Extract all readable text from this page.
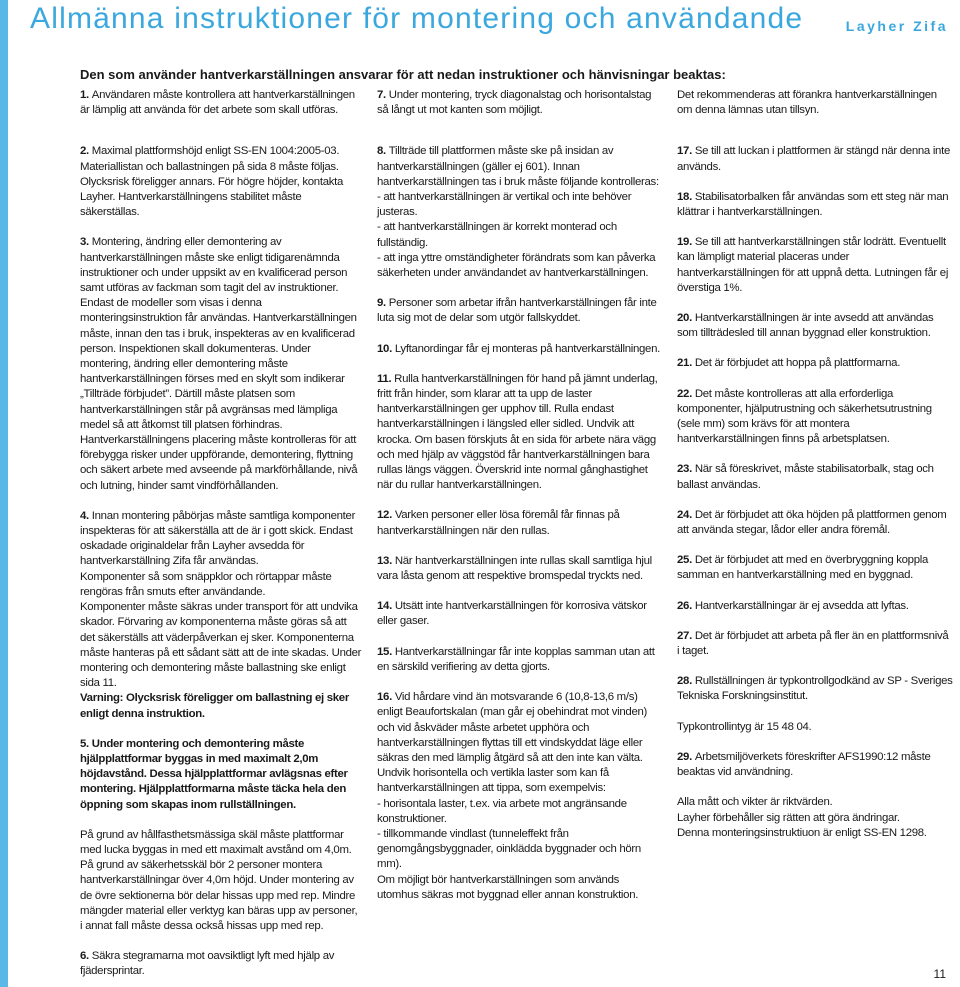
Allmänna instruktioner för montering och användande	Layher Zifa
Den som använder hantverkarställningen ansvarar för att nedan instruktioner och hänvisningar beaktas:

1. Användaren måste kontrollera att hantverkarställningen är lämplig att använda för det arbete som skall utföras.

2. Maximal plattformshöjd enligt SS-EN 1004:2005-03. Materiallistan och ballastningen på sida 8 måste följas. Olycksrisk föreligger annars. För högre höjder, kontakta Layher. Hantverkarställningens stabilitet måste säkerställas.

3. Montering, ändring eller demontering av hantverkarställningen måste ske enligt tidigarenämnda instruktioner och under uppsikt av en kvalificerad person samt utföras av fackman som tagit del av instruktioner.

Endast de modeller som visas i denna monteringsinstruktion får användas. Hantverkarställningen måste, innan den tas i bruk, inspekteras av en kvalificerad person. Inspektionen skall dokumenteras. Under montering, ändring eller demontering måste hantverkarställningen förses med en skylt som indikerar „Tillträde förbjudet”. Därtill måste platsen som hantverkarställningen står på avgränsas med lämpliga medel så att åtkomst till platsen förhindras.

Hantverkarställningens placering måste kontrolleras för att förebygga risker under uppförande, demontering, flyttning och säkert arbete med avseende på markförhållande, nivå och lutning, hinder samt vindförhållanden.

4. Innan montering påbörjas måste samtliga komponenter inspekteras för att säkerställa att de är i gott skick. Endast oskadade originaldelar från Layher avsedda för hantverkarställning Zifa får användas.

Komponenter så som snäppklor och rörtappar måste rengöras från smuts efter användande.

Komponenter måste säkras under transport för att undvika skador. Förvaring av komponenterna måste göras så att det säkerställs att väderpåverkan ej sker. Komponenterna måste hanteras på ett sådant sätt att de inte skadas. Under montering och demontering måste ballastning ske enligt sida 11.

Varning: Olycksrisk föreligger om ballastning ej sker enligt denna instruktion.

5. Under montering och demontering måste hjälpplattformar byggas in med maximalt 2,0m höjdavstånd. Dessa hjälpplattformar avlägsnas efter montering. Hjälpplattformarna måste täcka hela den öppning som skapas inom rullställningen.

På grund av hållfasthetsmässiga skäl måste plattformar med lucka byggas in med ett maximalt avstånd om 4,0m. På grund av säkerhetsskäl bör 2 personer montera hantverkarställningar över 4,0m höjd. Under montering av de övre sektionerna bör delar hissas upp med rep. Mindre mängder material eller verktyg kan bäras upp av personer, i annat fall måste dessa också hissas upp med rep.

6. Säkra stegramarna mot oavsiktligt lyft med hjälp av fjädersprintar.

7. Under montering, tryck diagonalstag och horisontalstag så långt ut mot kanten som möjligt.

8. Tillträde till plattformen måste ske på insidan av hantverkarställningen (gäller ej 601). Innan hantverkarställningen tas i bruk måste följande kontrolleras:

- att hantverkarställningen är vertikal och inte behöver justeras.

- att hantverkarställningen är korrekt monterad och fullständig.

- att inga yttre omständigheter förändrats som kan påverka säkerheten under användandet av hantverkarställningen.

9. Personer som arbetar ifrån hantverkarställningen får inte luta sig mot de delar som utgör fallskyddet.

10. Lyftanordingar får ej monteras på hantverkarställningen.

11. Rulla hantverkarställningen för hand på jämnt underlag, fritt från hinder, som klarar att ta upp de laster hantverkarställningen ger upphov till. Rulla endast hantverkarställningen i längsled eller sidled. Undvik att krocka. Om basen förskjuts åt en sida för arbete nära vägg och med hjälp av väggstöd får hantverkarställningen bara rullas längs väggen. Överskrid inte normal gånghastighet när du rullar hantverkarställningen.

12. Varken personer eller lösa föremål får finnas på hantverkarställningen när den rullas.

13. När hantverkarställningen inte rullas skall samtliga hjul vara låsta genom att respektive bromspedal tryckts ned.

14. Utsätt inte hantverkarställningen för korrosiva vätskor eller gaser.

15. Hantverkarställningar får inte kopplas samman utan att en särskild verifiering av detta gjorts.

16. Vid hårdare vind än motsvarande 6 (10,8-13,6 m/s) enligt Beaufortskalan (man går ej obehindrat mot vinden) och vid åskväder måste arbetet upphöra och hantverkarställningen flyttas till ett vindskyddat läge eller säkras den med lämplig åtgärd så att den inte kan välta.

Undvik horisontella och vertikla laster som kan få hantverkarställningen att tippa, som exempelvis:

- horisontala laster, t.ex. via arbete mot angränsande konstruktioner.

- tillkommande vindlast (tunneleffekt från genomgångsbyggnader, oinklädda byggnader och hörn mm).

Om möjligt bör hantverkarställningen som används utomhus säkras mot byggnad eller annan konstruktion.

Det rekommenderas att förankra hantverkarställningen om denna lämnas utan tillsyn.

17. Se till att luckan i plattformen är stängd när denna inte används.

18. Stabilisatorbalken får användas som ett steg när man klättrar i hantverkarställningen.

19. Se till att hantverkarställningen står lodrätt. Eventuellt kan lämpligt material placeras under hantverkarställningen för att uppnå detta. Lutningen får ej överstiga 1%.

20. Hantverkarställningen är inte avsedd att användas som tillträdesled till annan byggnad eller konstruktion.

21. Det är förbjudet att hoppa på plattformarna.

22. Det måste kontrolleras att alla erforderliga komponenter, hjälputrustning och säkerhetsutrustning (sele mm) som krävs för att montera hantverkarställningen finns på arbetsplatsen.

23. När så föreskrivet, måste stabilisatorbalk, stag och ballast användas.

24. Det är förbjudet att öka höjden på plattformen genom att använda stegar, lådor eller andra föremål.

25. Det är förbjudet att med en överbryggning koppla samman en hantverkarställning med en byggnad.

26. Hantverkarställningar är ej avsedda att lyftas.

27. Det är förbjudet att arbeta på fler än en plattformsnivå i taget.

28. Rullställningen är typkontrollgodkänd av SP - Sveriges Tekniska Forskningsinstitut.

Typkontrollintyg är 15 48 04.

29. Arbetsmiljöverkets föreskrifter AFS1990:12 måste beaktas vid användning.

Alla mått och vikter är riktvärden.

Layher förbehåller sig rätten att göra ändringar.

Denna monteringsinstruktiuon är enligt SS-EN 1298.

11
